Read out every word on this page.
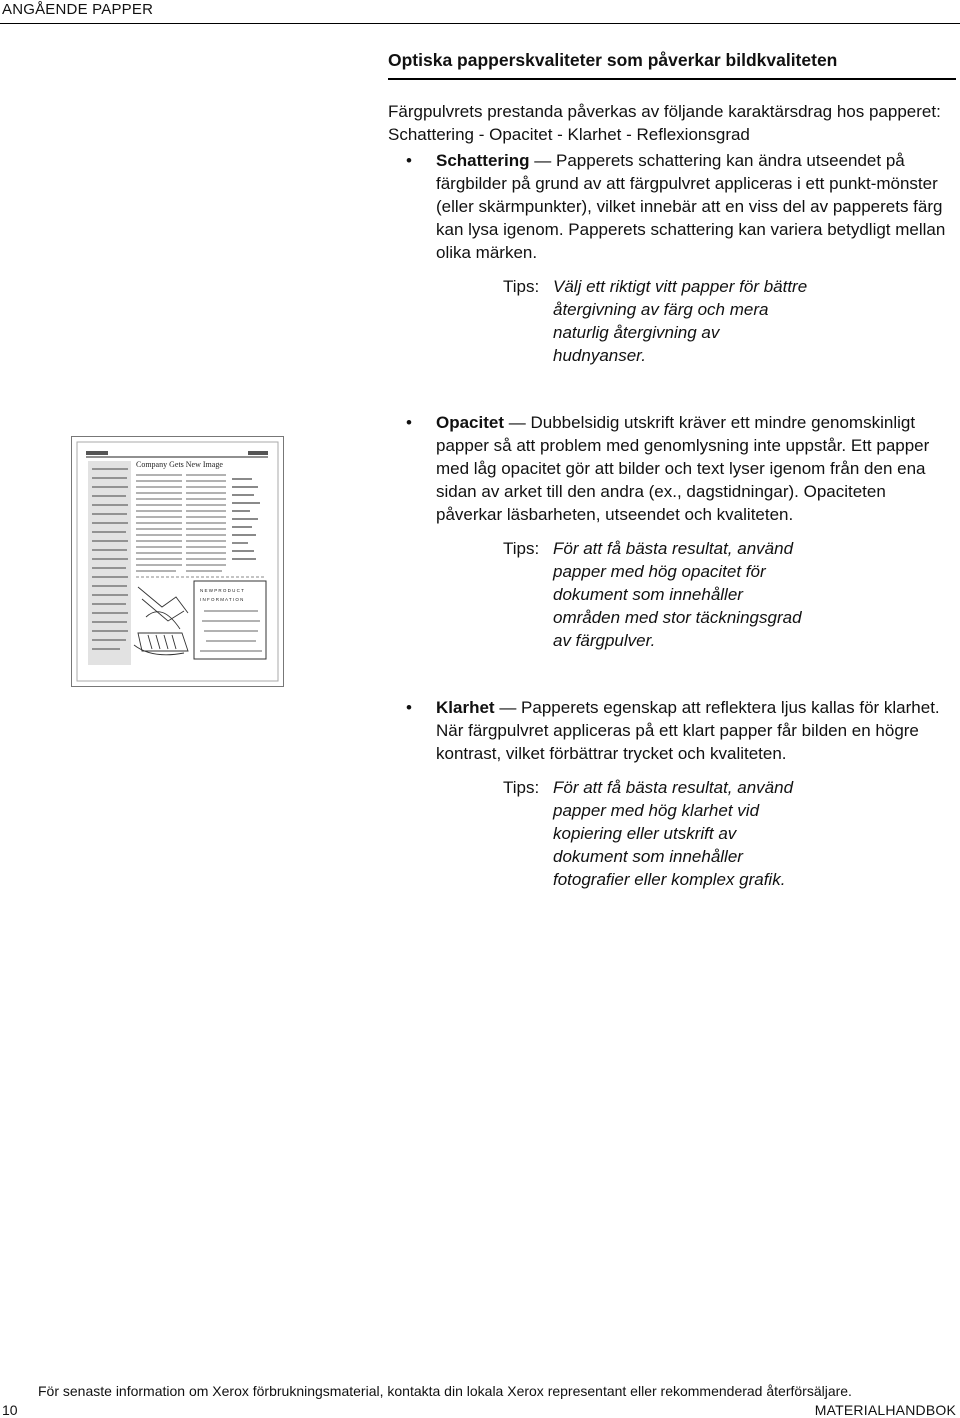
ANGÅENDE PAPPER
Optiska papperskvaliteter som påverkar bildkvaliteten

Färgpulvrets prestanda påverkas av följande karaktärsdrag hos papperet: Schattering - Opacitet - Klarhet - Reflexionsgrad

• Schattering — Papperets schattering kan ändra utseendet på färgbilder på grund av att färgpulvret appliceras i ett punkt-mönster (eller skärmpunkter), vilket innebär att en viss del av papperets färg kan lysa igenom. Papperets schattering kan variera betydligt mellan olika märken.
Tips: Välj ett riktigt vitt papper för bättre återgivning av färg och mera naturlig återgivning av hudnyanser.
Company Gets New Image
N E W P R O D U C T
I N F O R M A T I O N
• Opacitet — Dubbelsidig utskrift kräver ett mindre genomskinligt papper så att problem med genomlysning inte uppstår. Ett papper med låg opacitet gör att bilder och text lyser igenom från den ena sidan av arket till den andra (ex., dagstidningar). Opaciteten påverkar läsbarheten, utseendet och kvaliteten.
Tips: För att få bästa resultat, använd papper med hög opacitet för dokument som innehåller områden med stor täckningsgrad av färgpulver.
• Klarhet — Papperets egenskap att reflektera ljus kallas för klarhet. När färgpulvret appliceras på ett klart papper får bilden en högre kontrast, vilket förbättrar trycket och kvaliteten.
Tips: För att få bästa resultat, använd papper med hög klarhet vid kopiering eller utskrift av dokument som innehåller fotografier eller komplex grafik.
För senaste information om Xerox förbrukningsmaterial, kontakta din lokala Xerox representant eller rekommenderad återförsäljare.
10	MATERIALHANDBOK
